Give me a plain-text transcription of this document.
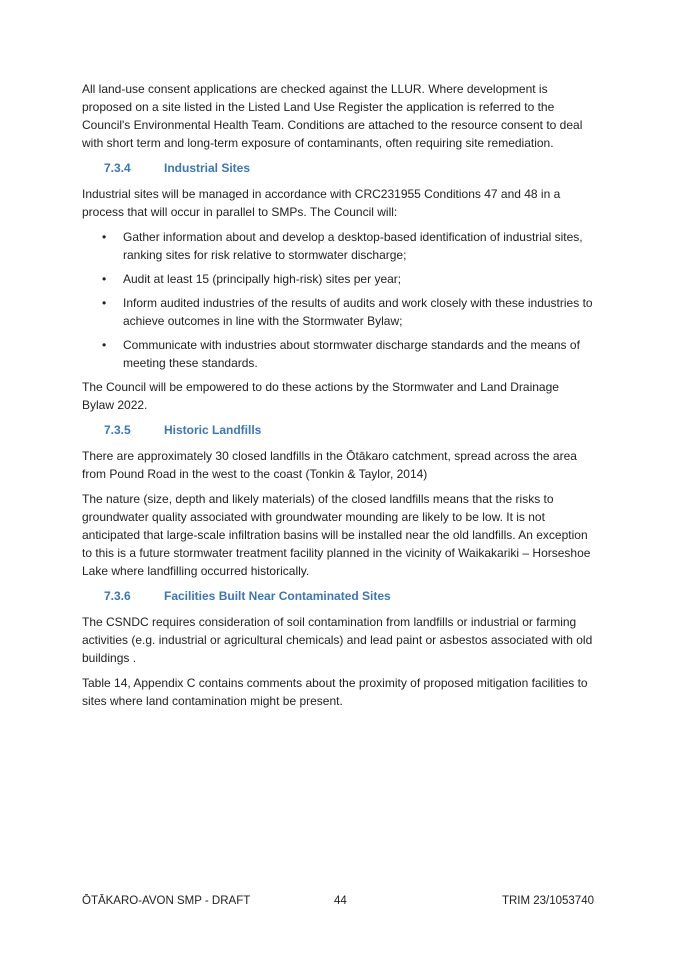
All land-use consent applications are checked against the LLUR. Where development is proposed on a site listed in the Listed Land Use Register the application is referred to the Council's Environmental Health Team. Conditions are attached to the resource consent to deal with short term and long-term exposure of contaminants, often requiring site remediation.

7.3.4	Industrial Sites

Industrial sites will be managed in accordance with CRC231955 Conditions 47 and 48 in a process that will occur in parallel to SMPs. The Council will:

• Gather information about and develop a desktop-based identification of industrial sites, ranking sites for risk relative to stormwater discharge;
• Audit at least 15 (principally high-risk) sites per year;
• Inform audited industries of the results of audits and work closely with these industries to achieve outcomes in line with the Stormwater Bylaw;
• Communicate with industries about stormwater discharge standards and the means of meeting these standards.

The Council will be empowered to do these actions by the Stormwater and Land Drainage Bylaw 2022.

7.3.5	Historic Landfills

There are approximately 30 closed landfills in the Ōtākaro catchment, spread across the area from Pound Road in the west to the coast (Tonkin & Taylor, 2014)

The nature (size, depth and likely materials) of the closed landfills means that the risks to groundwater quality associated with groundwater mounding are likely to be low. It is not anticipated that large-scale infiltration basins will be installed near the old landfills. An exception to this is a future stormwater treatment facility planned in the vicinity of Waikakariki – Horseshoe Lake where landfilling occurred historically.

7.3.6	Facilities Built Near Contaminated Sites

The CSNDC requires consideration of soil contamination from landfills or industrial or farming activities (e.g. industrial or agricultural chemicals) and lead paint or asbestos associated with old buildings .

Table 14, Appendix C contains comments about the proximity of proposed mitigation facilities to sites where land contamination might be present.

ŌTĀKARO-AVON SMP - DRAFT	44	TRIM 23/1053740
